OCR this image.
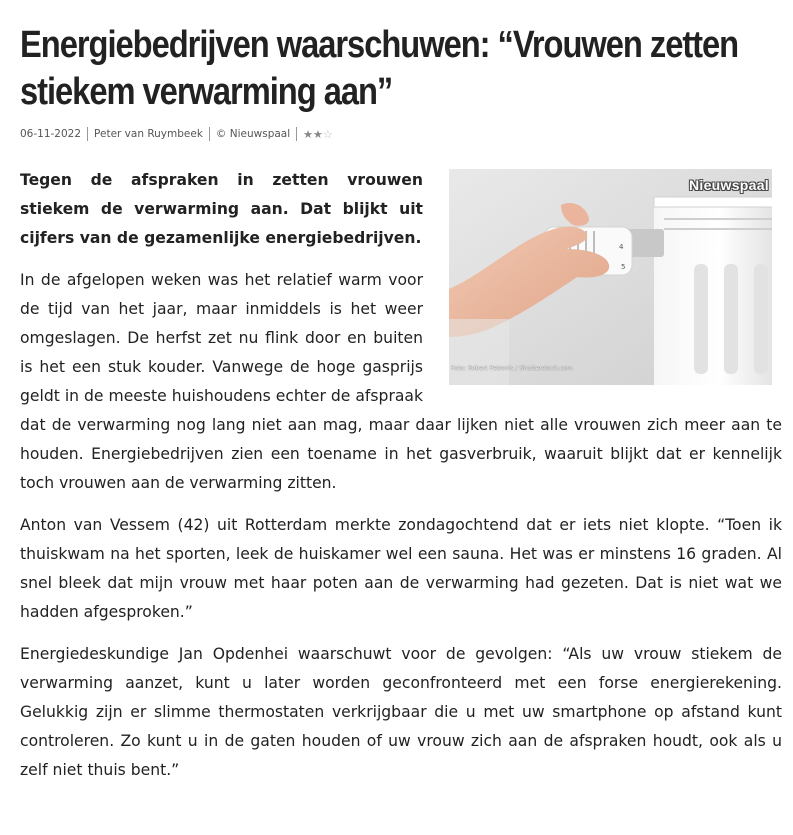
Energiebedrijven waarschuwen: “Vrouwen zetten stiekem verwarming aan”
06-11-2022 Peter van Ruymbeek © Nieuwspaal ★ ★ ☆
4
5
Nieuwspaal
Foto: Robert Petrovic / Shutterstock.com

Tegen de afspraken in zetten vrouwen stiekem de verwarming aan. Dat blijkt uit cijfers van de gezamenlijke energiebedrijven.

In de afgelopen weken was het relatief warm voor de tijd van het jaar, maar inmiddels is het weer omgeslagen. De herfst zet nu flink door en buiten is het een stuk kouder. Vanwege de hoge gasprijs geldt in de meeste huishoudens echter de afspraak dat de verwarming nog lang niet aan mag, maar daar lijken niet alle vrouwen zich meer aan te houden. Energiebedrijven zien een toename in het gasverbruik, waaruit blijkt dat er kennelijk toch vrouwen aan de verwarming zitten.

Anton van Vessem (42) uit Rotterdam merkte zondagochtend dat er iets niet klopte. “Toen ik thuiskwam na het sporten, leek de huiskamer wel een sauna. Het was er minstens 16 graden. Al snel bleek dat mijn vrouw met haar poten aan de verwarming had gezeten. Dat is niet wat we hadden afgesproken.”

Energiedeskundige Jan Opdenhei waarschuwt voor de gevolgen: “Als uw vrouw stiekem de verwarming aanzet, kunt u later worden geconfronteerd met een forse energierekening. Gelukkig zijn er slimme thermostaten verkrijgbaar die u met uw smartphone op afstand kunt controleren. Zo kunt u in de gaten houden of uw vrouw zich aan de afspraken houdt, ook als u zelf niet thuis bent.”
